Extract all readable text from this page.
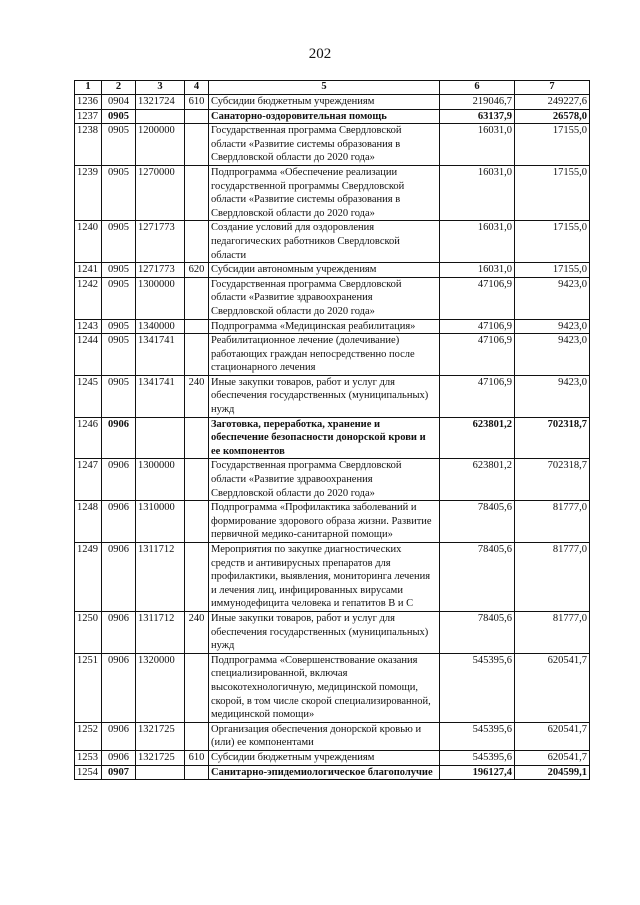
202
1	2	3	4	5	6	7
1236	0904	1321724	610	Субсидии бюджетным учреждениям	219046,7	249227,6
1237	0905			Санаторно-оздоровительная помощь	63137,9	26578,0
1238	0905	1200000		Государственная программа Свердловской области «Развитие системы образования в Свердловской области до 2020 года»	16031,0	17155,0
1239	0905	1270000		Подпрограмма «Обеспечение реализации государственной программы Свердловской области «Развитие системы образования в Свердловской области до 2020 года»	16031,0	17155,0
1240	0905	1271773		Создание условий для оздоровления педагогических работников Свердловской области	16031,0	17155,0
1241	0905	1271773	620	Субсидии автономным учреждениям	16031,0	17155,0
1242	0905	1300000		Государственная программа Свердловской области «Развитие здравоохранения Свердловской области до 2020 года»	47106,9	9423,0
1243	0905	1340000		Подпрограмма «Медицинская реабилитация»	47106,9	9423,0
1244	0905	1341741		Реабилитационное лечение (долечивание) работающих граждан непосредственно после стационарного лечения	47106,9	9423,0
1245	0905	1341741	240	Иные закупки товаров, работ и услуг для обеспечения государственных (муниципальных) нужд	47106,9	9423,0
1246	0906			Заготовка, переработка, хранение и обеспечение безопасности донорской крови и ее компонентов	623801,2	702318,7
1247	0906	1300000		Государственная программа Свердловской области «Развитие здравоохранения Свердловской области до 2020 года»	623801,2	702318,7
1248	0906	1310000		Подпрограмма «Профилактика заболеваний и формирование здорового образа жизни. Развитие первичной медико-санитарной помощи»	78405,6	81777,0
1249	0906	1311712		Мероприятия по закупке диагностических средств и антивирусных препаратов для профилактики, выявления, мониторинга лечения и лечения лиц, инфицированных вирусами иммунодефицита человека и гепатитов В и С	78405,6	81777,0
1250	0906	1311712	240	Иные закупки товаров, работ и услуг для обеспечения государственных (муниципальных) нужд	78405,6	81777,0
1251	0906	1320000		Подпрограмма «Совершенствование оказания специализированной, включая высокотехнологичную, медицинской помощи, скорой, в том числе скорой специализированной, медицинской помощи»	545395,6	620541,7
1252	0906	1321725		Организация обеспечения донорской кровью и (или) ее компонентами	545395,6	620541,7
1253	0906	1321725	610	Субсидии бюджетным учреждениям	545395,6	620541,7
1254	0907			Санитарно-эпидемиологическое благополучие	196127,4	204599,1
